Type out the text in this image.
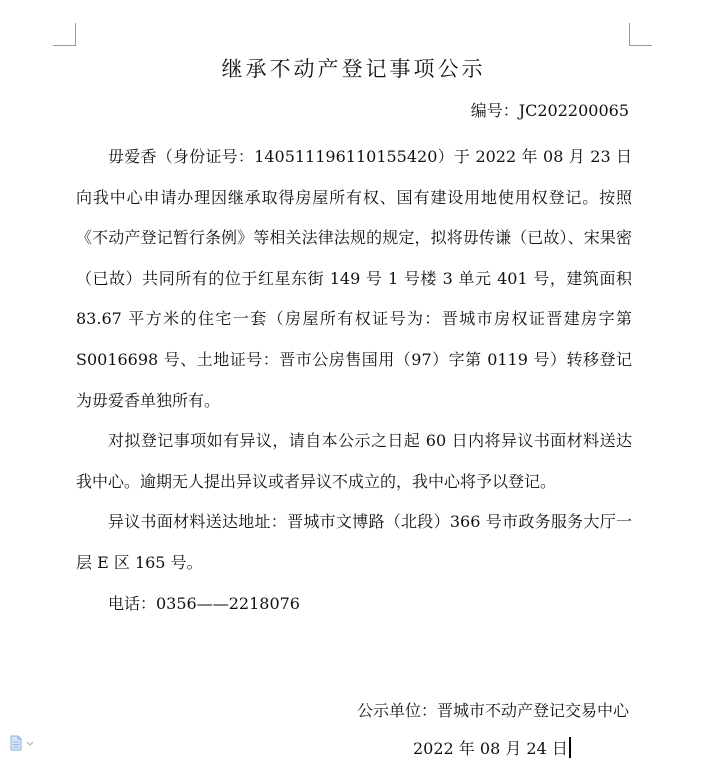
继承不动产登记事项公示
编号：JC202200065

毋爱香（身份证号：140511196110155420）于 2022 年 08 月 23 日向我中心申请办理因继承取得房屋所有权、国有建设用地使用权登记。按照《不动产登记暂行条例》等相关法律法规的规定，拟将毋传谦（已故）、宋果密（已故）共同所有的位于红星东街 149 号 1 号楼 3 单元 401 号，建筑面积 83.67 平方米的住宅一套（房屋所有权证号为：晋城市房权证晋建房字第 S0016698 号、土地证号：晋市公房售国用（97）字第 0119 号）转移登记为毋爱香单独所有。

对拟登记事项如有异议，请自本公示之日起 60 日内将异议书面材料送达我中心。逾期无人提出异议或者异议不成立的，我中心将予以登记。

异议书面材料送达地址：晋城市文博路（北段）366 号市政务服务大厅一层 E 区 165 号。

电话：0356——2218076

公示单位：晋城市不动产登记交易中心
2022 年 08 月 24 日
